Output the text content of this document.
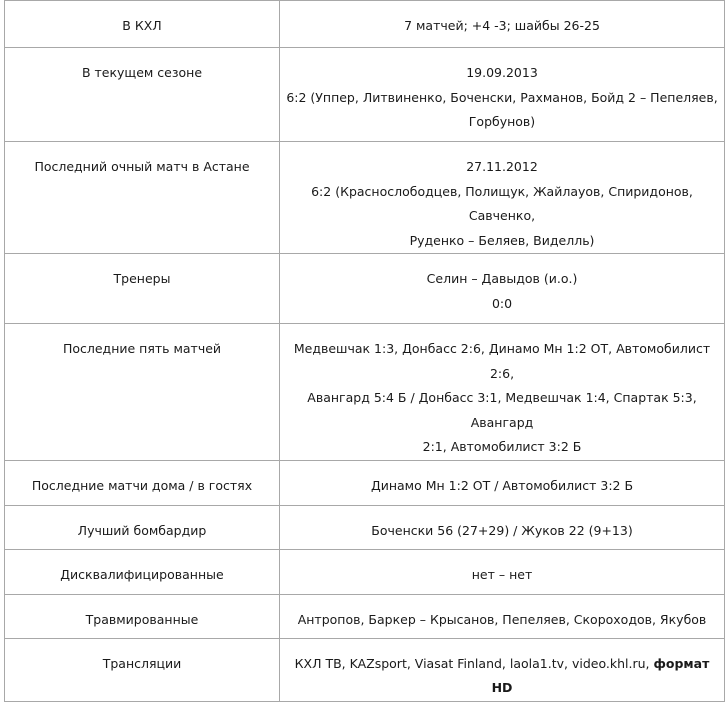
В КХЛ	7 матчей; +4 -3; шайбы 26-25

В текущем сезоне	19.09.2013
6:2 (Уппер, Литвиненко, Боченски, Рахманов, Бойд 2 – Пепеляев,
Горбунов)

Последний очный матч в Астане	27.11.2012
6:2 (Краснослободцев, Полищук, Жайлауов, Спиридонов, Савченко,
Руденко – Беляев, Виделль)

Тренеры	Селин – Давыдов (и.о.)
0:0

Последние пять матчей	Медвешчак 1:3, Донбасс 2:6, Динамо Мн 1:2 ОТ, Автомобилист 2:6,
Авангард 5:4 Б / Донбасс 3:1, Медвешчак 1:4, Спартак 5:3, Авангард
2:1, Автомобилист 3:2 Б

Последние матчи дома / в гостях	Динамо Мн 1:2 ОТ / Автомобилист 3:2 Б

Лучший бомбардир	Боченски 56 (27+29) / Жуков 22 (9+13)

Дисквалифицированные	нет – нет

Травмированные	Антропов, Баркер – Крысанов, Пепеляев, Скороходов, Якубов

Трансляции	КХЛ ТВ, KAZsport, Viasat Finland, laola1.tv, video.khl.ru, формат HD
